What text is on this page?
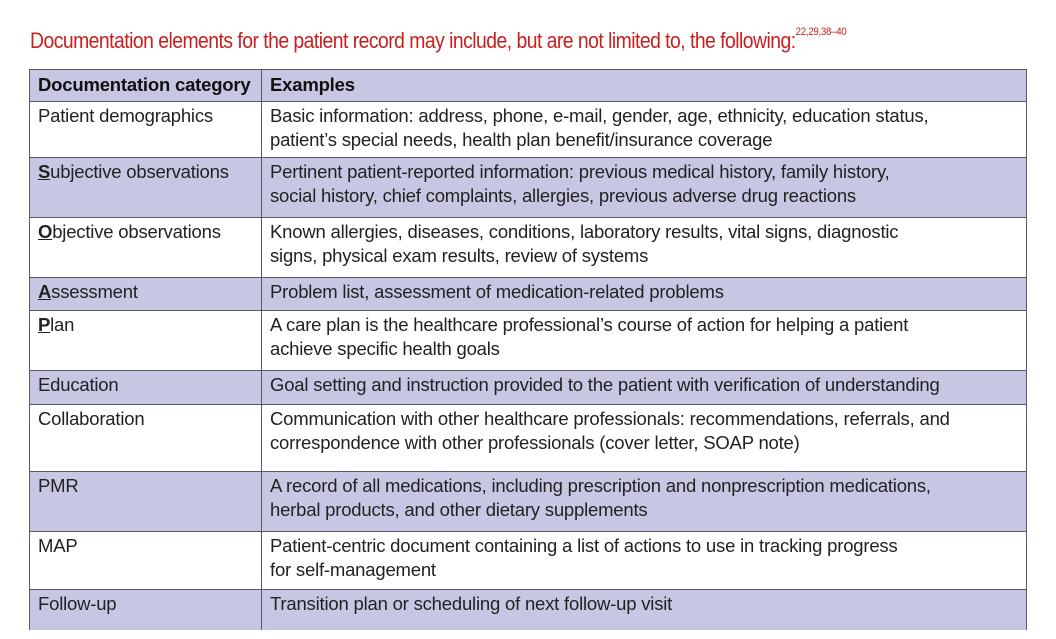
Documentation elements for the patient record may include, but are not limited to, the following:$^{22,29,38-40}$
Documentation category	Examples
Patient demographics	Basic information: address, phone, e-mail, gender, age, ethnicity, education status,
patient’s special needs, health plan benefit/insurance coverage

Subjective observations	Pertinent patient-reported information: previous medical history, family history,
social history, chief complaints, allergies, previous adverse drug reactions

Objective observations	Known allergies, diseases, conditions, laboratory results, vital signs, diagnostic
signs, physical exam results, review of systems

Assessment	Problem list, assessment of medication-related problems

Plan	A care plan is the healthcare professional’s course of action for helping a patient
achieve specific health goals

Education	Goal setting and instruction provided to the patient with verification of understanding

Collaboration	Communication with other healthcare professionals: recommendations, referrals, and
correspondence with other professionals (cover letter, SOAP note)

PMR	A record of all medications, including prescription and nonprescription medications,
herbal products, and other dietary supplements

MAP	Patient-centric document containing a list of actions to use in tracking progress
for self-management

Follow-up	Transition plan or scheduling of next follow-up visit
